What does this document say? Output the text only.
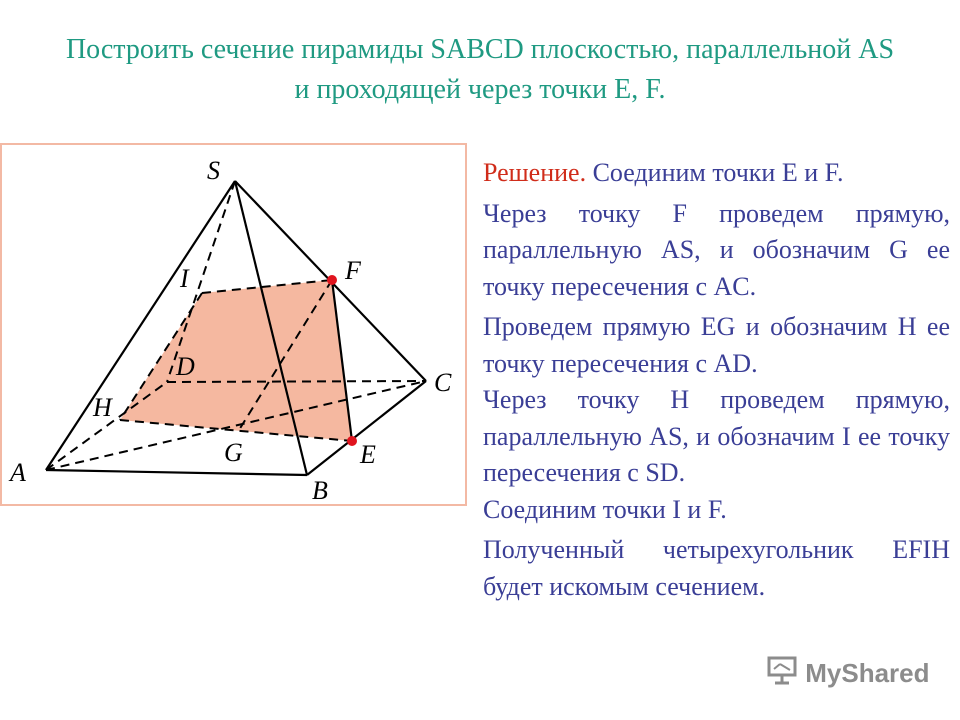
Построить сечение пирамиды SABCD плоскостью, параллельной AS
и проходящей через точки E, F.
S
A
B
C
D
E
F
G
H
I

Решение. Соединим точки E и F.

Через точку F проведем прямую, параллельную AS, и обозначим G ее точку пересечения с AC.

Проведем прямую EG и обозначим H ее точку пересечения с AD.

Через точку H проведем прямую, параллельную AS, и обозначим I ее точку пересечения с SD.

Соединим точки I и F.

Полученный четырехугольник EFIH будет искомым сечением.

MyShared
